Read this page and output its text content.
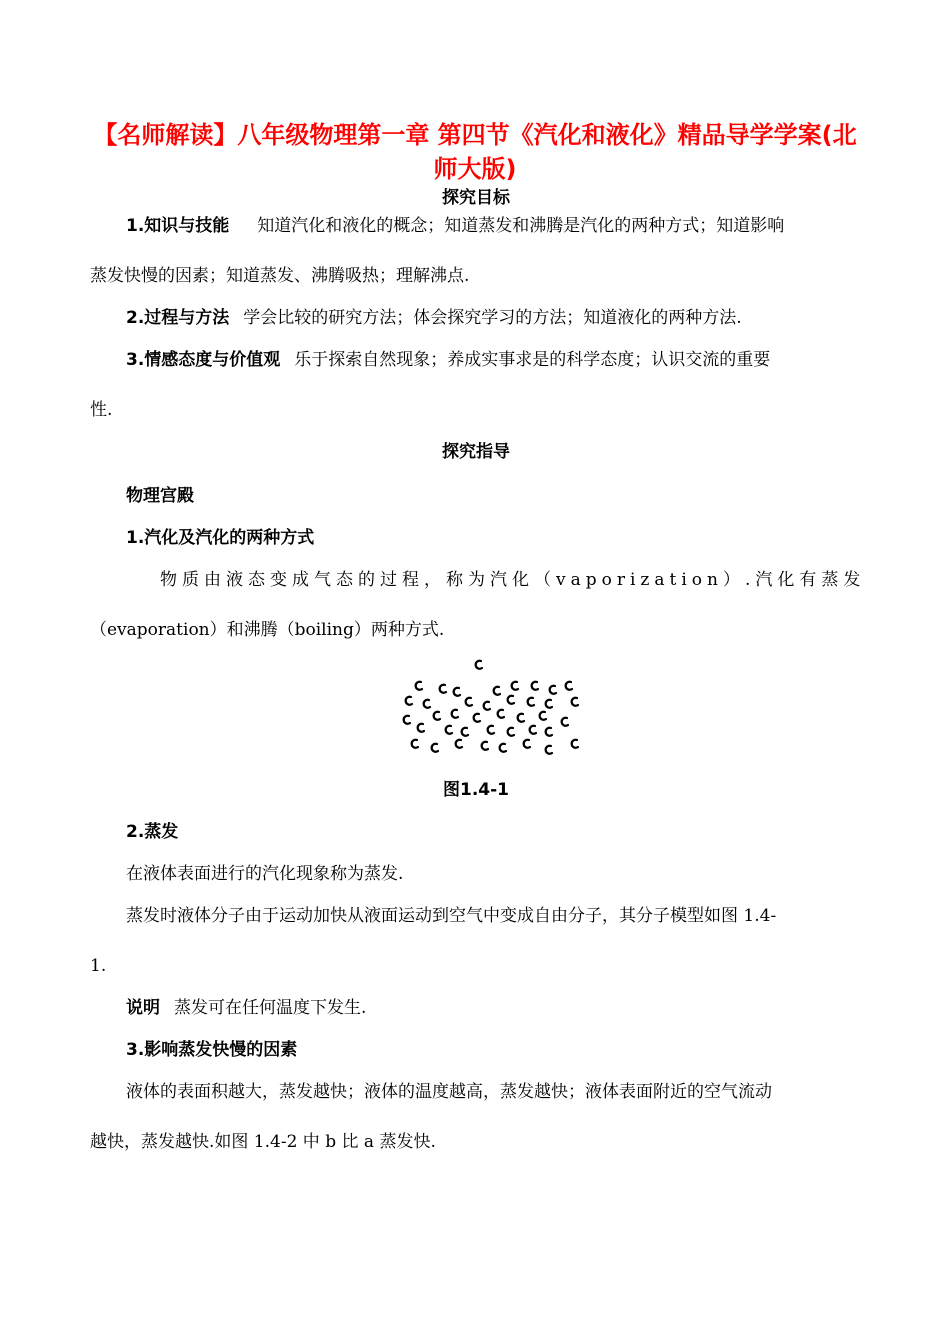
【名师解读】八年级物理第一章 第四节《汽化和液化》精品导学学案(北师大版)
探究目标
1.知识与技能 知道汽化和液化的概念；知道蒸发和沸腾是汽化的两种方式；知道影响
蒸发快慢的因素；知道蒸发、沸腾吸热；理解沸点.
2.过程与方法 学会比较的研究方法；体会探究学习的方法；知道液化的两种方法.
3.情感态度与价值观 乐于探索自然现象；养成实事求是的科学态度；认识交流的重要
性.
探究指导
物理宫殿
1.汽化及汽化的两种方式
物质由液态变成气态的过程，称为汽化（vaporization）.汽化有蒸发
（evaporation）和沸腾（boiling）两种方式.
图1.4-1
2.蒸发
在液体表面进行的汽化现象称为蒸发.
蒸发时液体分子由于运动加快从液面运动到空气中变成自由分子，其分子模型如图 1.4-
1.
说明 蒸发可在任何温度下发生.
3.影响蒸发快慢的因素
液体的表面积越大，蒸发越快；液体的温度越高，蒸发越快；液体表面附近的空气流动
越快，蒸发越快.如图 1.4-2 中 b 比 a 蒸发快.
